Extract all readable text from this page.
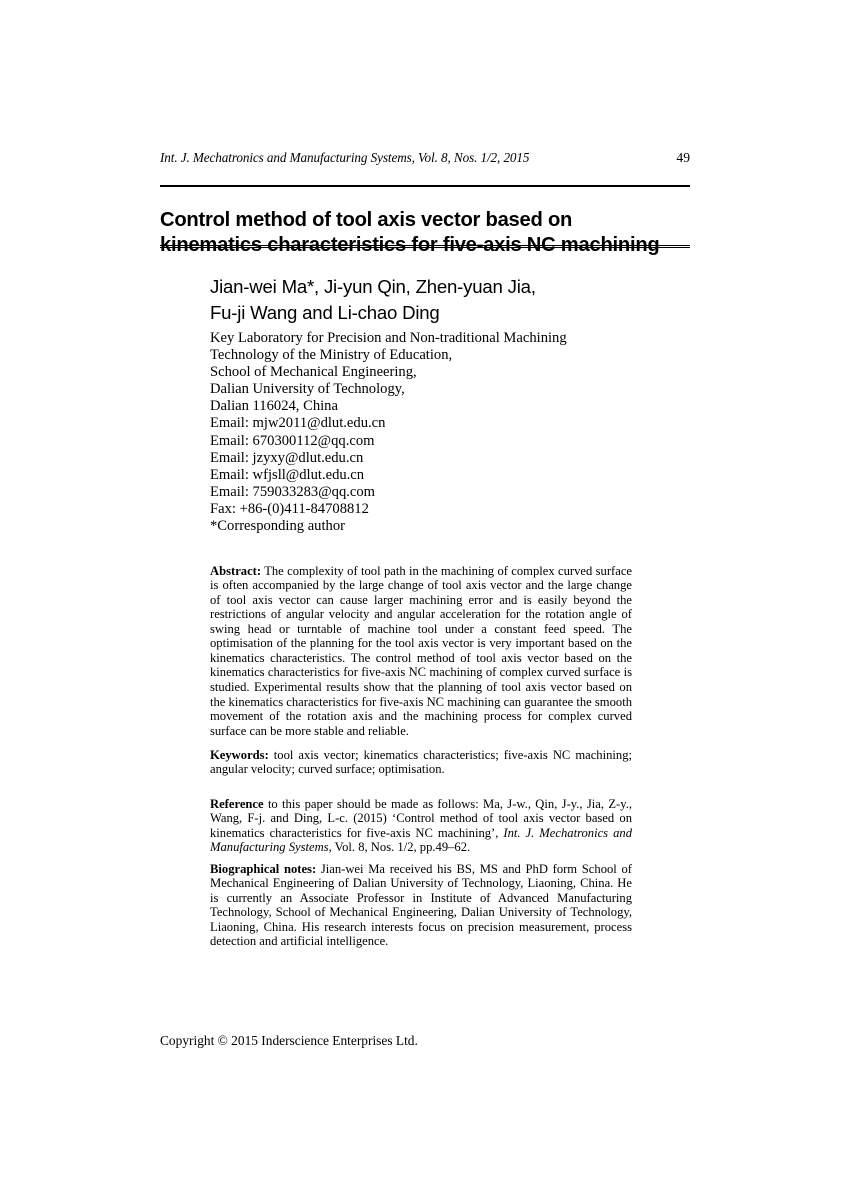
Int. J. Mechatronics and Manufacturing Systems, Vol. 8, Nos. 1/2, 2015	49
Control method of tool axis vector based on
kinematics characteristics for five-axis NC machining
Jian-wei Ma*, Ji-yun Qin, Zhen-yuan Jia,
Fu-ji Wang and Li-chao Ding
Key Laboratory for Precision and Non-traditional Machining
Technology of the Ministry of Education,
School of Mechanical Engineering,
Dalian University of Technology,
Dalian 116024, China
Email: mjw2011@dlut.edu.cn
Email: 670300112@qq.com
Email: jzyxy@dlut.edu.cn
Email: wfjsll@dlut.edu.cn
Email: 759033283@qq.com
Fax: +86-(0)411-84708812
*Corresponding author

Abstract: The complexity of tool path in the machining of complex curved surface is often accompanied by the large change of tool axis vector and the large change of tool axis vector can cause larger machining error and is easily beyond the restrictions of angular velocity and angular acceleration for the rotation angle of swing head or turntable of machine tool under a constant feed speed. The optimisation of the planning for the tool axis vector is very important based on the kinematics characteristics. The control method of tool axis vector based on the kinematics characteristics for five-axis NC machining of complex curved surface is studied. Experimental results show that the planning of tool axis vector based on the kinematics characteristics for five-axis NC machining can guarantee the smooth movement of the rotation axis and the machining process for complex curved surface can be more stable and reliable.

Keywords: tool axis vector; kinematics characteristics; five-axis NC machining; angular velocity; curved surface; optimisation.

Reference to this paper should be made as follows: Ma, J-w., Qin, J-y., Jia, Z-y., Wang, F-j. and Ding, L-c. (2015) ‘Control method of tool axis vector based on kinematics characteristics for five-axis NC machining’, Int. J. Mechatronics and Manufacturing Systems, Vol. 8, Nos. 1/2, pp.49–62.

Biographical notes: Jian-wei Ma received his BS, MS and PhD form School of Mechanical Engineering of Dalian University of Technology, Liaoning, China. He is currently an Associate Professor in Institute of Advanced Manufacturing Technology, School of Mechanical Engineering, Dalian University of Technology, Liaoning, China. His research interests focus on precision measurement, process detection and artificial intelligence.

Copyright © 2015 Inderscience Enterprises Ltd.
